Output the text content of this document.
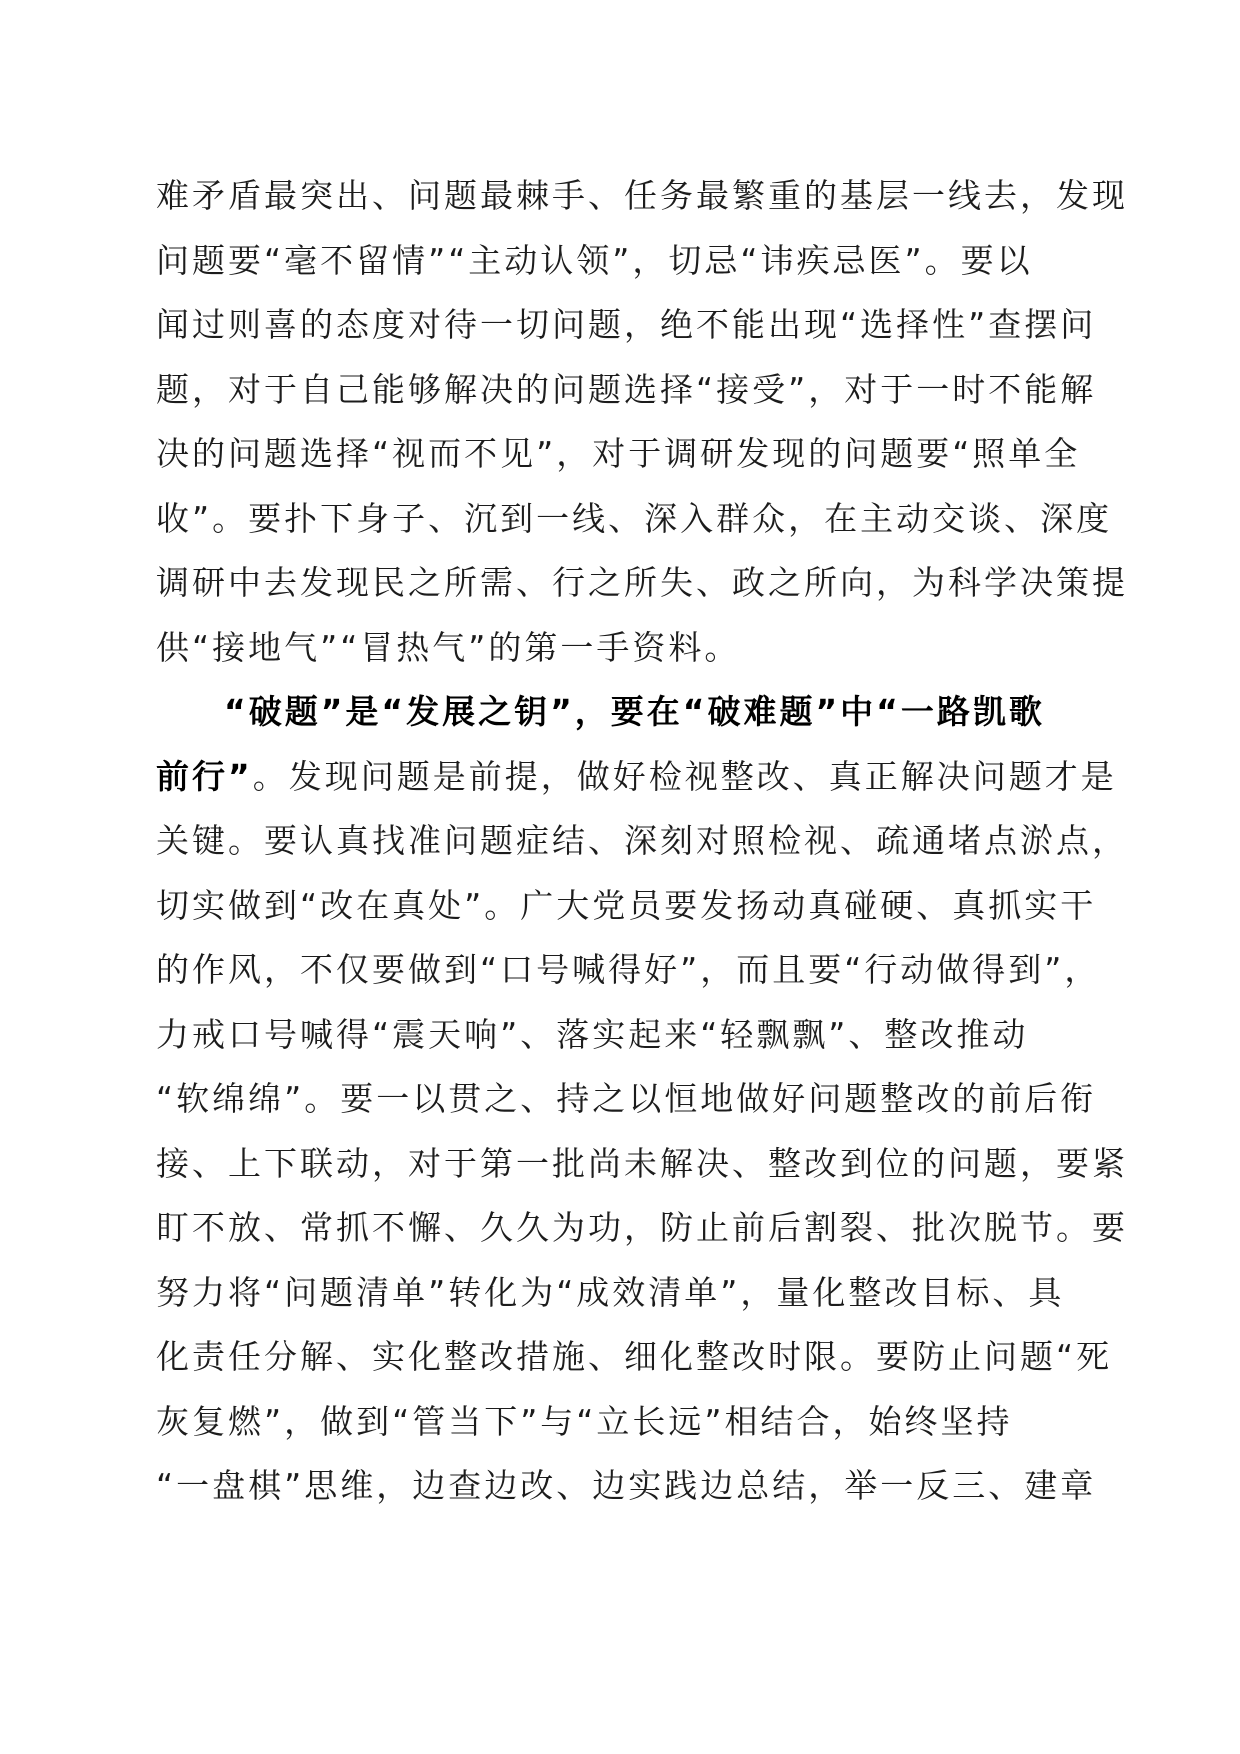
难矛盾最突出、问题最棘手、任务最繁重的基层一线去，发现
问题要“毫不留情”“主动认领”，切忌“讳疾忌医”。要以
闻过则喜的态度对待一切问题，绝不能出现“选择性”查摆问
题，对于自己能够解决的问题选择“接受”，对于一时不能解
决的问题选择“视而不见”，对于调研发现的问题要“照单全
收”。要扑下身子、沉到一线、深入群众，在主动交谈、深度
调研中去发现民之所需、行之所失、政之所向，为科学决策提
供“接地气”“冒热气”的第一手资料。
“破题”是“发展之钥”，要在“破难题”中“一路凯歌
前行”。发现问题是前提，做好检视整改、真正解决问题才是
关键。要认真找准问题症结、深刻对照检视、疏通堵点淤点，
切实做到“改在真处”。广大党员要发扬动真碰硬、真抓实干
的作风，不仅要做到“口号喊得好”，而且要“行动做得到”，
力戒口号喊得“震天响”、落实起来“轻飘飘”、整改推动
“软绵绵”。要一以贯之、持之以恒地做好问题整改的前后衔
接、上下联动，对于第一批尚未解决、整改到位的问题，要紧
盯不放、常抓不懈、久久为功，防止前后割裂、批次脱节。要
努力将“问题清单”转化为“成效清单”，量化整改目标、具
化责任分解、实化整改措施、细化整改时限。要防止问题“死
灰复燃”，做到“管当下”与“立长远”相结合，始终坚持
“一盘棋”思维，边查边改、边实践边总结，举一反三、建章
